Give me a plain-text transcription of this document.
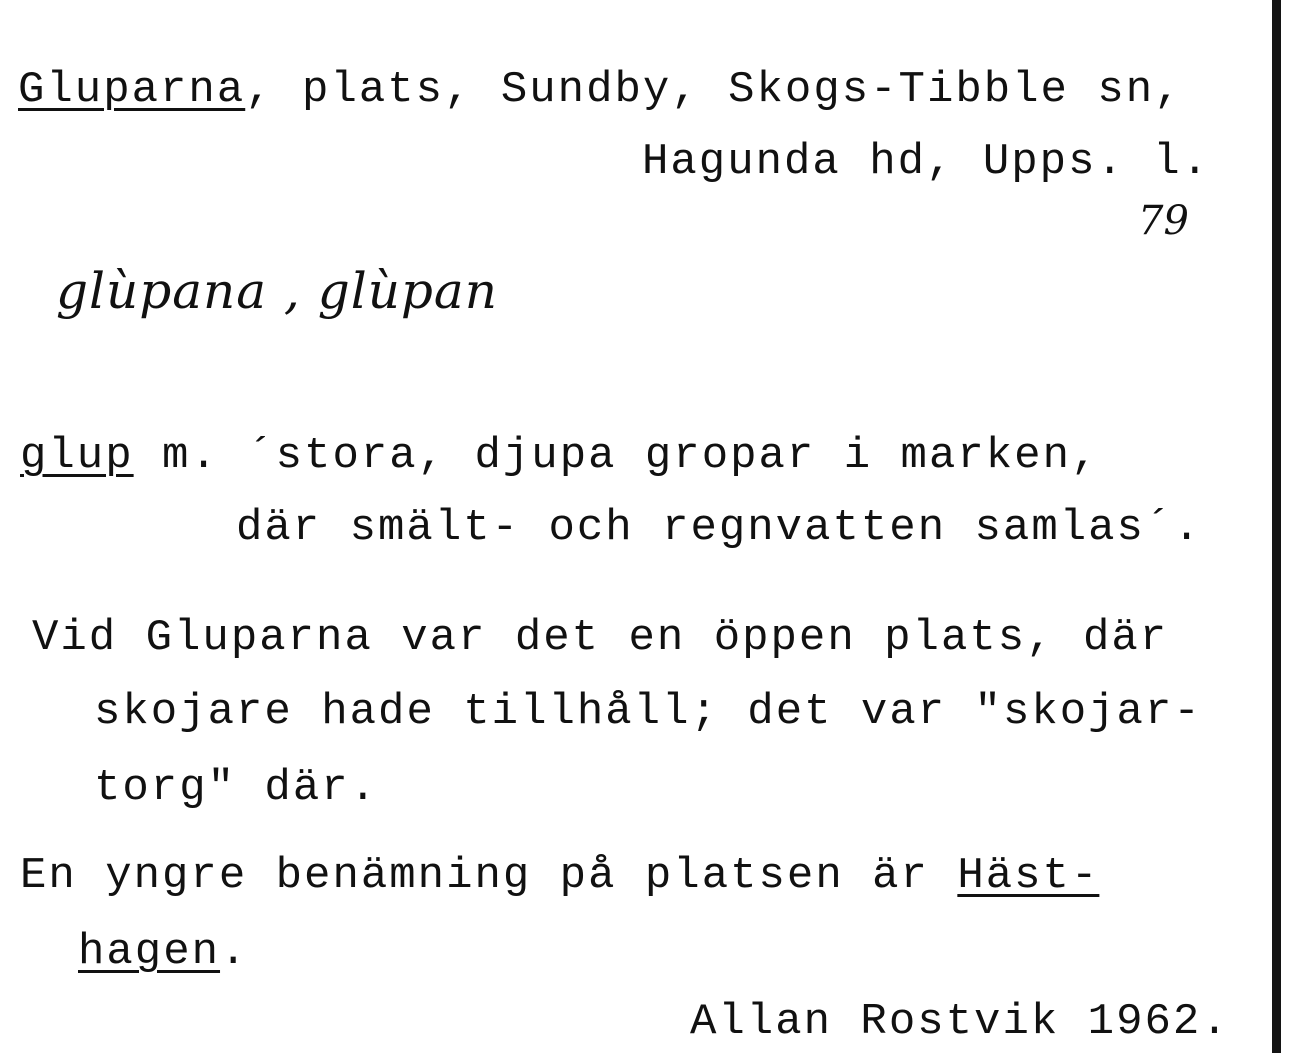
Gluparna, plats, Sundby, Skogs-Tibble sn,
Hagunda hd, Upps. l.
79
glùpana , glùpan
glup m. ´stora, djupa gropar i marken,
där smält- och regnvatten samlas´.
Vid Gluparna var det en öppen plats, där
skojare hade tillhåll; det var "skojar-
torg" där.
En yngre benämning på platsen är Häst-
hagen.
Allan Rostvik 1962.
